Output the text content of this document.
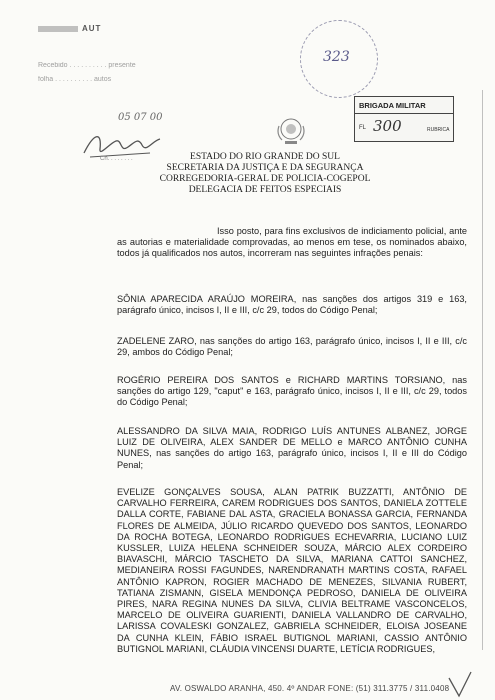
AUT
Recebido . . . . . . . . . . presente
folha . . . . . . . . . . autos
05 07 00
Ch. . . . . . . .
323
BRIGADA MILITAR
FL 300	RUBRICA
ESTADO DO RIO GRANDE DO SUL
SECRETARIA DA JUSTIÇA E DA SEGURANÇA
CORREGEDORIA-GERAL DE POLICIA-COGEPOL
DELEGACIA DE FEITOS ESPECIAIS
Isso posto, para fins exclusivos de indiciamento policial, ante as autorias e materialidade comprovadas, ao menos em tese, os nominados abaixo, todos já qualificados nos autos, incorreram nas seguintes infrações penais:
SÔNIA APARECIDA ARAÚJO MOREIRA, nas sanções dos artigos 319 e 163, parágrafo único, incisos I, II e III, c/c 29, todos do Código Penal;
ZADELENE ZARO, nas sanções do artigo 163, parágrafo único, incisos I, II e III, c/c 29, ambos do Código Penal;
ROGÉRIO PEREIRA DOS SANTOS e RICHARD MARTINS TORSIANO, nas sanções do artigo 129, "caput" e 163, parágrafo único, incisos I, II e III, c/c 29, todos do Código Penal;
ALESSANDRO DA SILVA MAIA, RODRIGO LUÍS ANTUNES ALBANEZ, JORGE LUIZ DE OLIVEIRA, ALEX SANDER DE MELLO e MARCO ANTÔNIO CUNHA NUNES, nas sanções do artigo 163, parágrafo único, incisos I, II e III do Código Penal;
EVELIZE GONÇALVES SOUSA, ALAN PATRIK BUZZATTI, ANTÔNIO DE CARVALHO FERREIRA, CAREM RODRIGUES DOS SANTOS, DANIELA ZOTTELE DALLA CORTE, FABIANE DAL ASTA, GRACIELA BONASSA GARCIA, FERNANDA FLORES DE ALMEIDA, JÚLIO RICARDO QUEVEDO DOS SANTOS, LEONARDO DA ROCHA BOTEGA, LEONARDO RODRIGUES ECHEVARRIA, LUCIANO LUIZ KUSSLER, LUIZA HELENA SCHNEIDER SOUZA, MÁRCIO ALEX CORDEIRO BIAVASCHI, MÁRCIO TASCHETO DA SILVA, MARIANA CATTOI SANCHEZ, MEDIANEIRA ROSSI FAGUNDES, NARENDRANATH MARTINS COSTA, RAFAEL ANTÔNIO KAPRON, ROGIER MACHADO DE MENEZES, SILVANIA RUBERT, TATIANA ZISMANN, GISELA MENDONÇA PEDROSO, DANIELA DE OLIVEIRA PIRES, NARA REGINA NUNES DA SILVA, CLIVIA BELTRAME VASCONCELOS, MARCELO DE OLIVEIRA GUARIENTI, DANIELA VALLANDRO DE CARVALHO, LARISSA COVALESKI GONZALEZ, GABRIELA SCHNEIDER, ELOISA JOSEANE DA CUNHA KLEIN, FÁBIO ISRAEL BUTIGNOL MARIANI, CASSIO ANTÔNIO BUTIGNOL MARIANI, CLÁUDIA VINCENSI DUARTE, LETÍCIA RODRIGUES,
AV. OSWALDO ARANHA, 450. 4º ANDAR FONE: (51) 311.3775 / 311.0408
